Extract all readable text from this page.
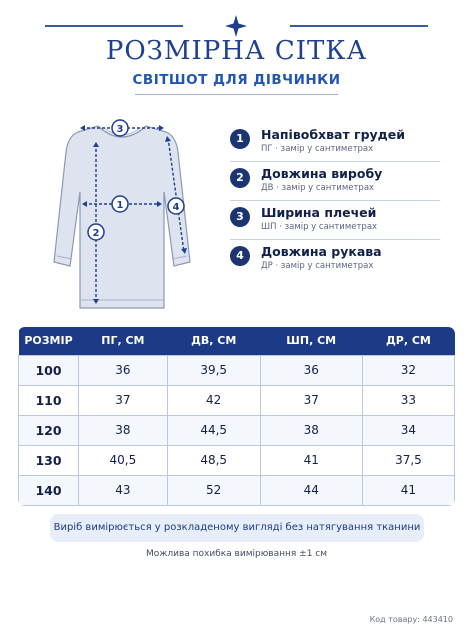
РОЗМІРНА СІТКА
СВІТШОТ ДЛЯ ДІВЧИНКИ
3
1
2
4
1	Напівобхват грудей
ПГ · замір у сантиметрах
2	Довжина виробу
ДВ · замір у сантиметрах
3	Ширина плечей
ШП · замір у сантиметрах
4	Довжина рукава
ДР · замір у сантиметрах
РОЗМІР	ПГ, СМ	ДВ, СМ	ШП, СМ	ДР, СМ
100	36	39,5	36	32
110	37	42	37	33
120	38	44,5	38	34
130	40,5	48,5	41	37,5
140	43	52	44	41
Виріб вимірюється у розкладеному вигляді без натягування тканини
Можлива похибка вимірювання ±1 см
Код товару: 443410
